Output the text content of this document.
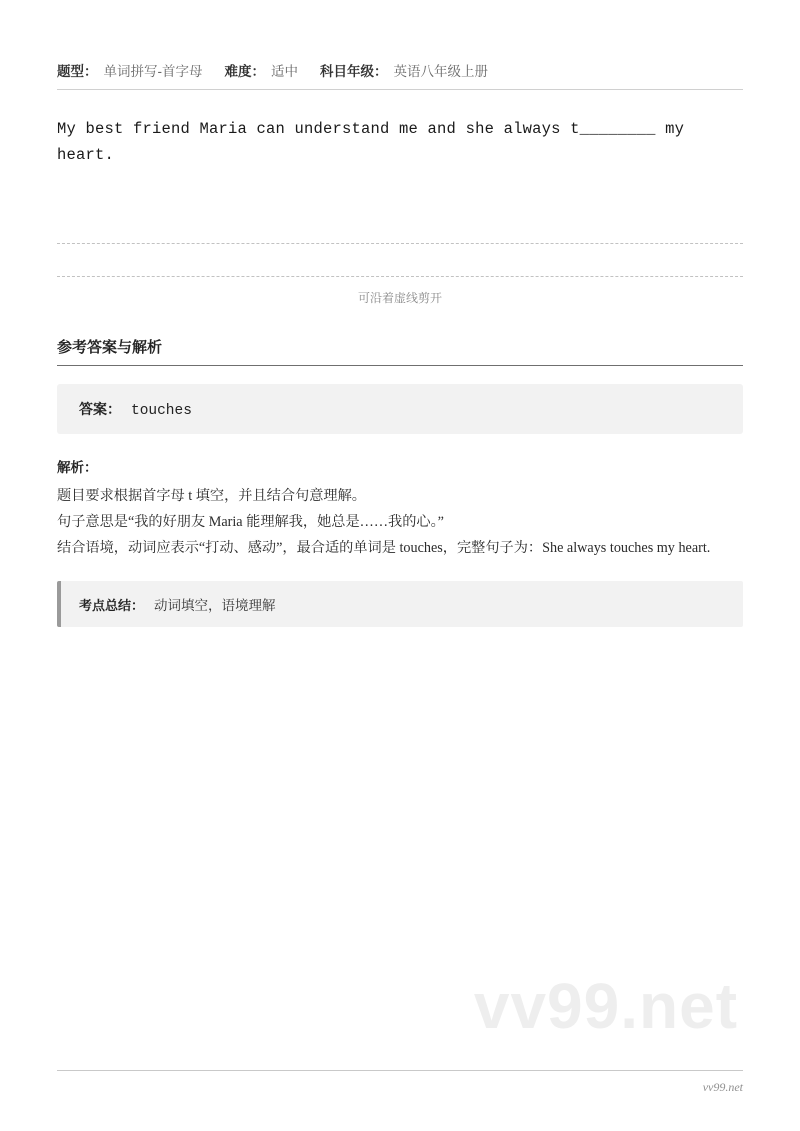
题型： 单词拼写-首字母 难度： 适中 科目年级： 英语八年级上册
My best friend Maria can understand me and she always t________ my heart.
可沿着虚线剪开
参考答案与解析
答案： touches
解析：

题目要求根据首字母 t 填空，并且结合句意理解。

句子意思是“我的好朋友 Maria 能理解我，她总是……我的心。”

结合语境，动词应表示“打动、感动”，最合适的单词是 touches，完整句子为：She always touches my heart.

考点总结： 动词填空，语境理解
vv99.net
vv99.net
